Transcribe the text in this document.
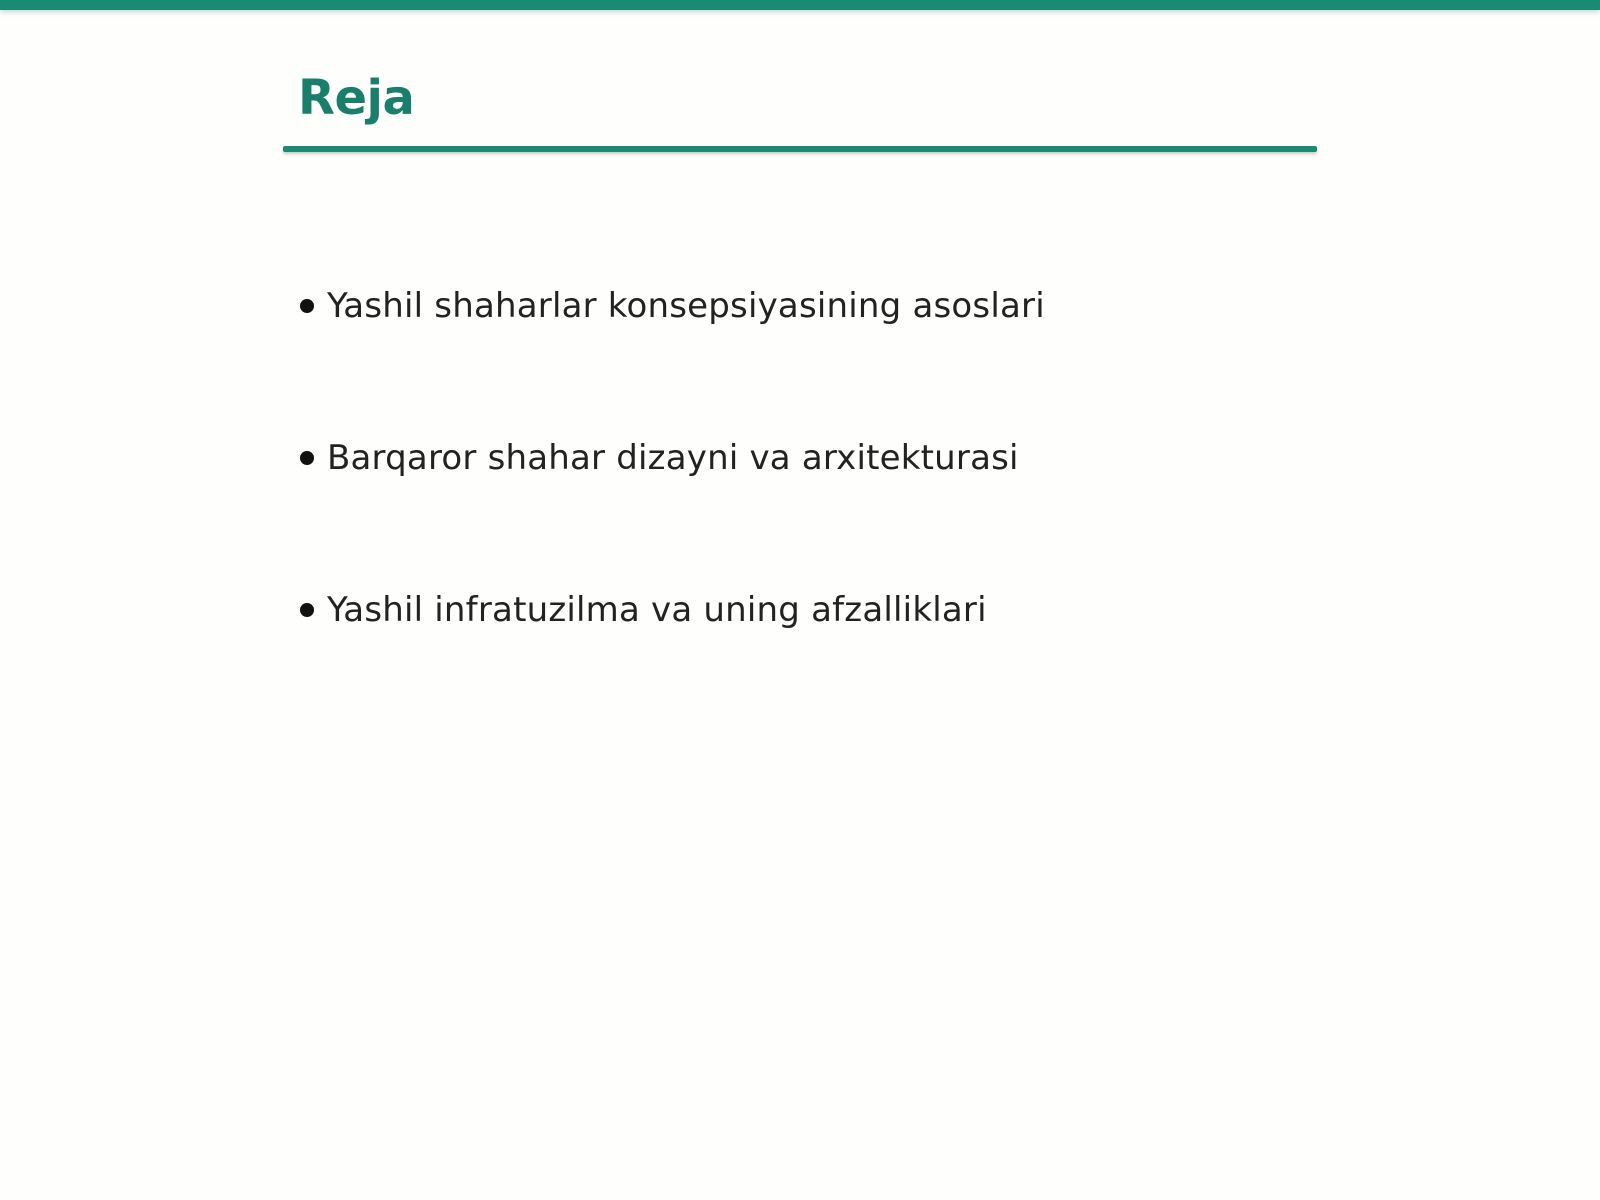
Reja
Yashil shaharlar konsepsiyasining asoslari
Barqaror shahar dizayni va arxitekturasi
Yashil infratuzilma va uning afzalliklari
